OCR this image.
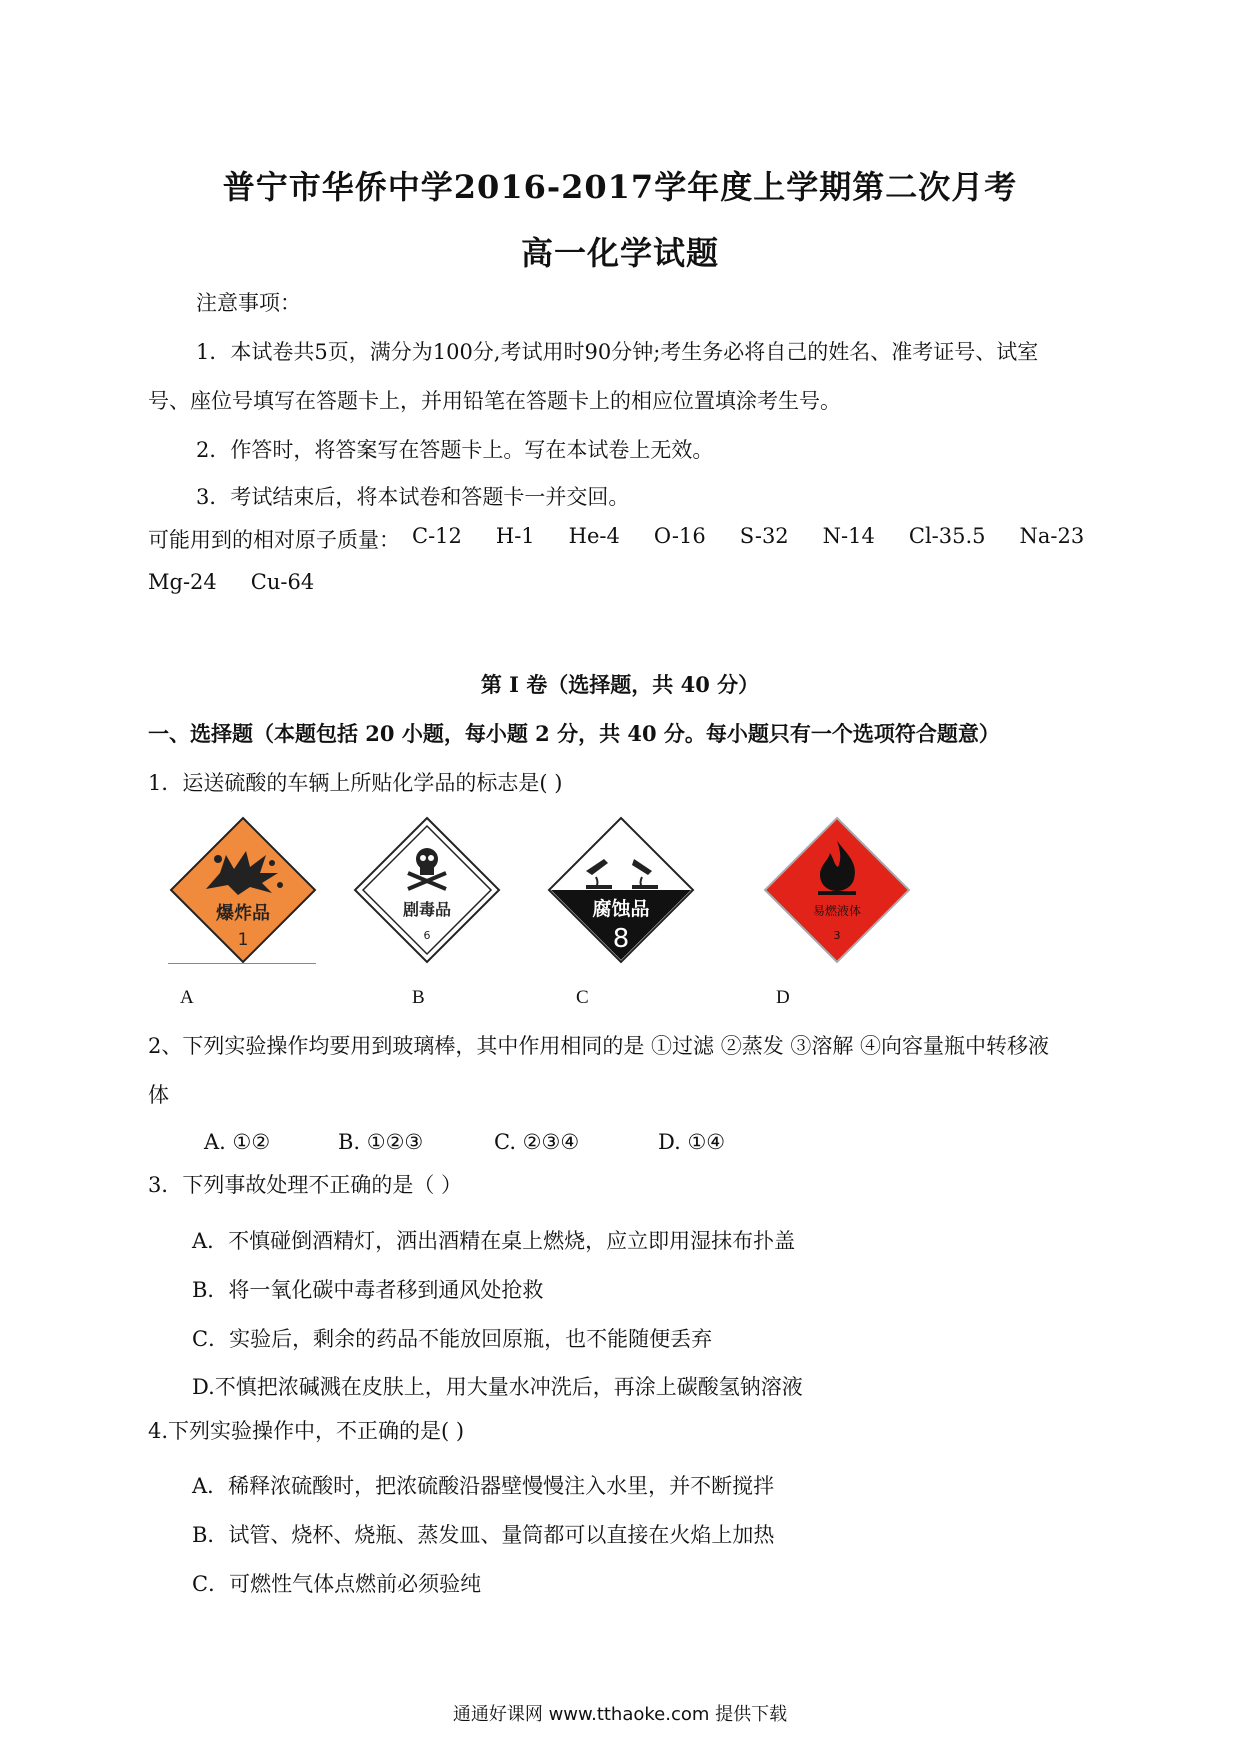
普宁市华侨中学2016-2017学年度上学期第二次月考
高一化学试题
注意事项：
1．本试卷共5页，满分为100分,考试用时90分钟;考生务必将自己的姓名、准考证号、试室
号、座位号填写在答题卡上，并用铅笔在答题卡上的相应位置填涂考生号。
2．作答时，将答案写在答题卡上。写在本试卷上无效。
3．考试结束后，将本试卷和答题卡一并交回。
可能用到的相对原子质量： C-12 H-1 He-4 O-16 S-32 N-14 Cl-35.5 Na-23
Mg-24 Cu-64
第 I 卷（选择题，共 40 分）
一、选择题（本题包括 20 小题，每小题 2 分，共 40 分。每小题只有一个选项符合题意）
1．运送硫酸的车辆上所贴化学品的标志是( )
爆炸品
1
剧毒品
6
腐蚀品
8
易燃液体
3
A	B	C	D
2、下列实验操作均要用到玻璃棒，其中作用相同的是 ①过滤 ②蒸发 ③溶解 ④向容量瓶中转移液
体
A. ①②	B. ①②③	C. ②③④	D. ①④
3．下列事故处理不正确的是（ ）
A．不慎碰倒酒精灯，洒出酒精在桌上燃烧，应立即用湿抹布扑盖
B．将一氧化碳中毒者移到通风处抢救
C．实验后，剩余的药品不能放回原瓶，也不能随便丢弃
D.不慎把浓碱溅在皮肤上，用大量水冲洗后，再涂上碳酸氢钠溶液
4.下列实验操作中，不正确的是( )
A．稀释浓硫酸时，把浓硫酸沿器壁慢慢注入水里，并不断搅拌
B．试管、烧杯、烧瓶、蒸发皿、量筒都可以直接在火焰上加热
C．可燃性气体点燃前必须验纯
通通好课网 www.tthaoke.com 提供下载
